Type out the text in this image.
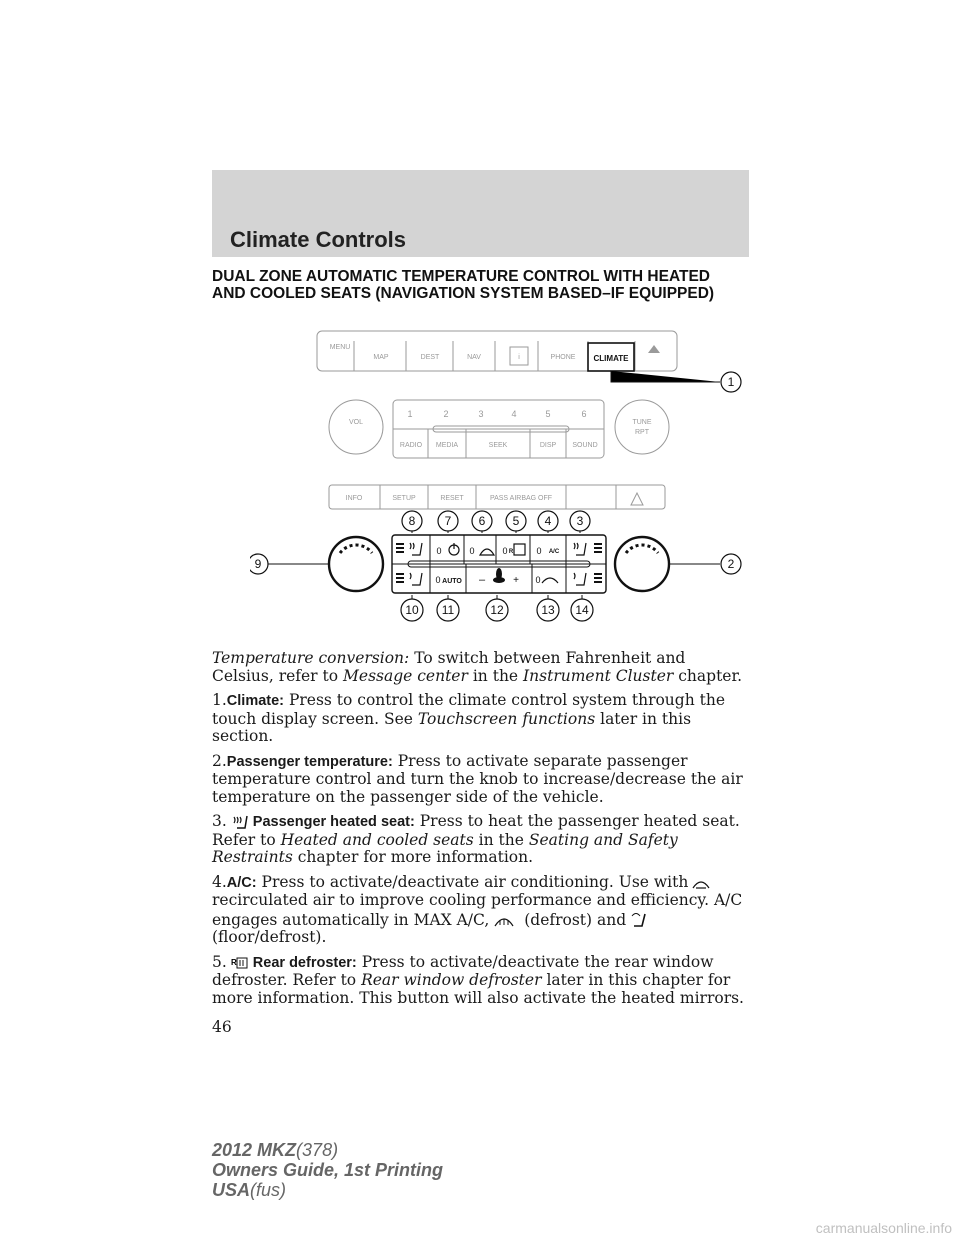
Climate Controls
DUAL ZONE AUTOMATIC TEMPERATURE CONTROL WITH HEATED
AND COOLED SEATS (NAVIGATION SYSTEM BASED–IF EQUIPPED)
MENU
MAP	DEST	NAV	i	PHONE
VOL	TUNE
RPT
RADIO MEDIA	SEEK	DISP SOUND
INFO	SETUP	RESET	PASS AIRBAG OFF
1	2	3	4	5	6
CLIMATE
0	0	0	0
0	0
R	A/C
AUTO –	+
1
2
3
4
5
6
7
8
9
10 11	12	13 14

Temperature conversion: To switch between Fahrenheit and Celsius, refer to Message center in the Instrument Cluster chapter.

1.Climate: Press to control the climate control system through the touch display screen. See Touchscreen functions later in this section.

2.Passenger temperature: Press to activate separate passenger temperature control and turn the knob to increase/decrease the air temperature on the passenger side of the vehicle.

3. Passenger heated seat: Press to heat the passenger heated seat. Refer to Heated and cooled seats in the Seating and Safety Restraints chapter for more information.

4.A/C: Press to activate/deactivate air conditioning. Use with recirculated air to improve cooling performance and efficiency. A/C engages automatically in MAX A/C, (defrost) and (floor/defrost).

5. R Rear defroster: Press to activate/deactivate the rear window defroster. Refer to Rear window defroster later in this chapter for more information. This button will also activate the heated mirrors.

46
2012 MKZ(378)
Owners Guide, 1st Printing
USA(fus)
carmanualsonline.info
